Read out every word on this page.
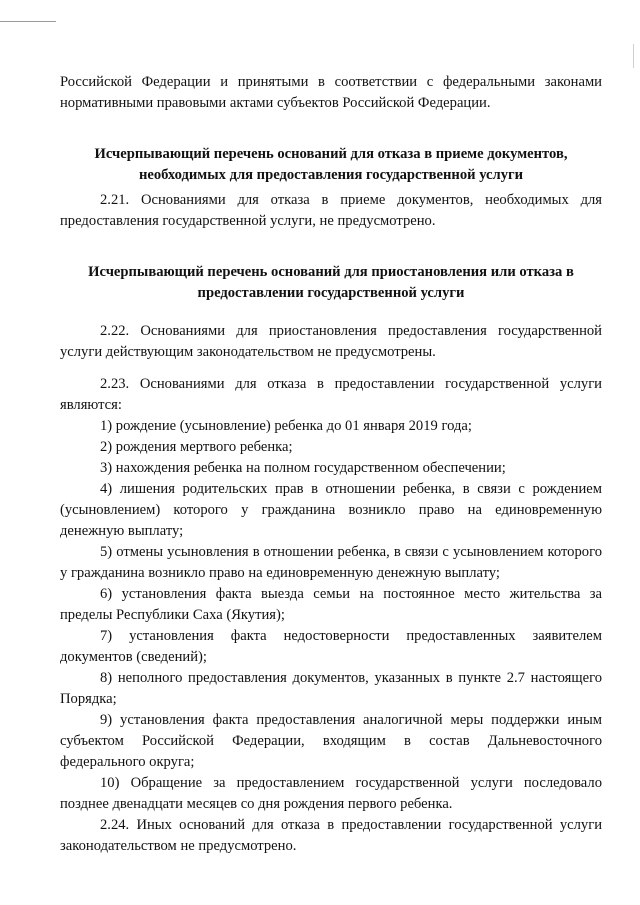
Российской Федерации и принятыми в соответствии с федеральными законами нормативными правовыми актами субъектов Российской Федерации.

Исчерпывающий перечень оснований для отказа в приеме документов, необходимых для предоставления государственной услуги

2.21. Основаниями для отказа в приеме документов, необходимых для предоставления государственной услуги, не предусмотрено.

Исчерпывающий перечень оснований для приостановления или отказа в предоставлении государственной услуги

2.22. Основаниями для приостановления предоставления государственной услуги действующим законодательством не предусмотрены.

2.23. Основаниями для отказа в предоставлении государственной услуги являются:

1) рождение (усыновление) ребенка до 01 января 2019 года;

2) рождения мертвого ребенка;

3) нахождения ребенка на полном государственном обеспечении;

4) лишения родительских прав в отношении ребенка, в связи с рождением (усыновлением) которого у гражданина возникло право на единовременную денежную выплату;

5) отмены усыновления в отношении ребенка, в связи с усыновлением которого у гражданина возникло право на единовременную денежную выплату;

6) установления факта выезда семьи на постоянное место жительства за пределы Республики Саха (Якутия);

7) установления факта недостоверности предоставленных заявителем документов (сведений);

8) неполного предоставления документов, указанных в пункте 2.7 настоящего Порядка;

9) установления факта предоставления аналогичной меры поддержки иным субъектом Российской Федерации, входящим в состав Дальневосточного федерального округа;

10) Обращение за предоставлением государственной услуги последовало позднее двенадцати месяцев со дня рождения первого ребенка.

2.24. Иных оснований для отказа в предоставлении государственной услуги законодательством не предусмотрено.
